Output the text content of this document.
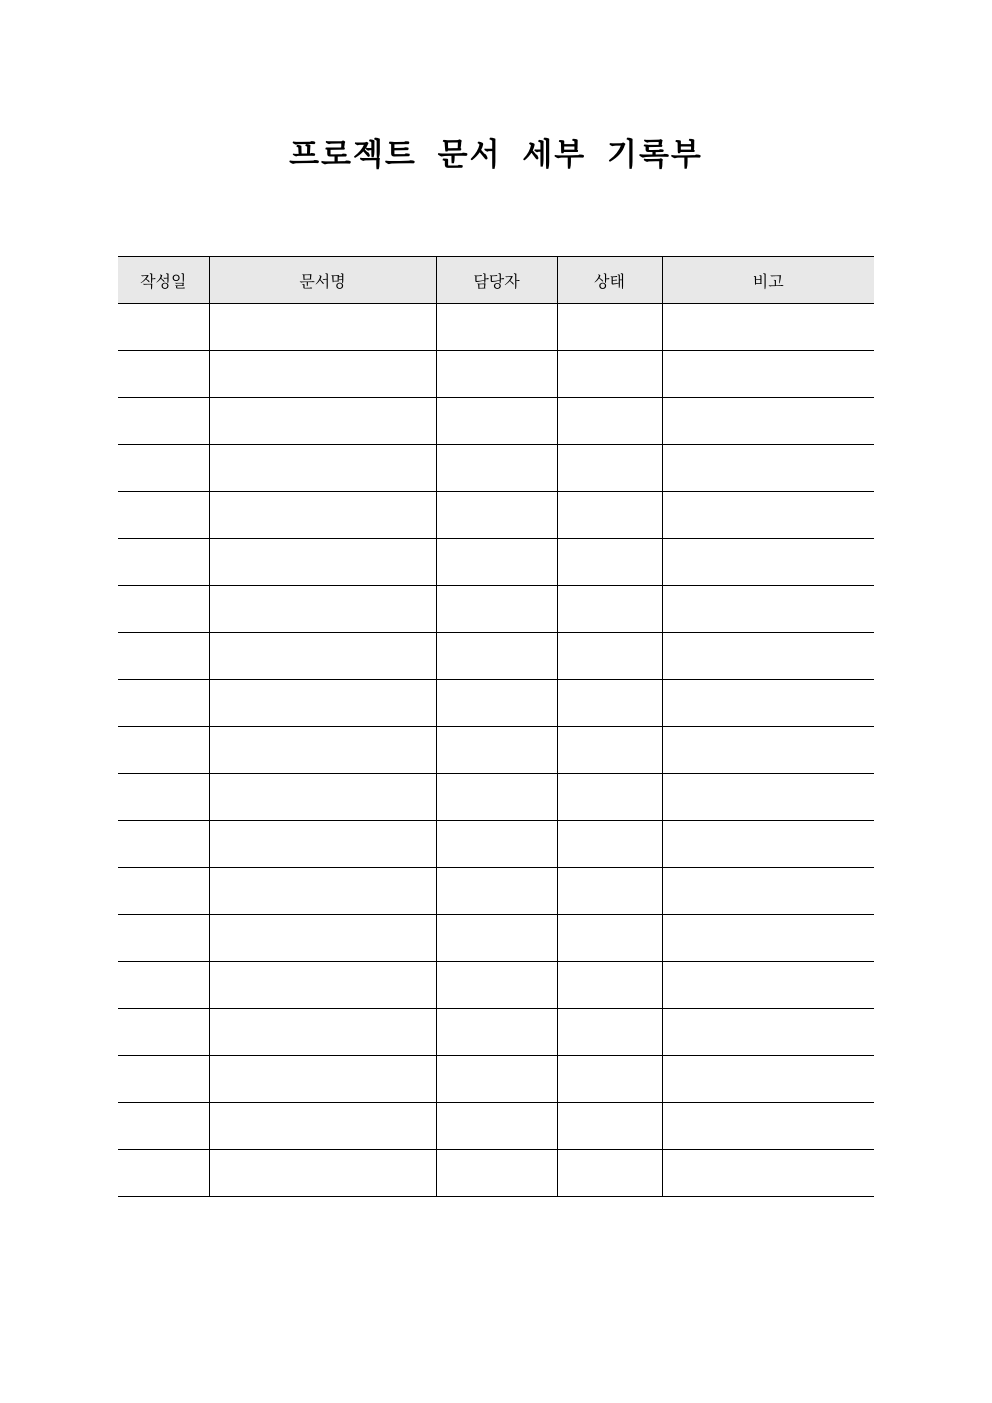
프로젝트 문서 세부 기록부
작성일	문서명	담당자	상태	비고
